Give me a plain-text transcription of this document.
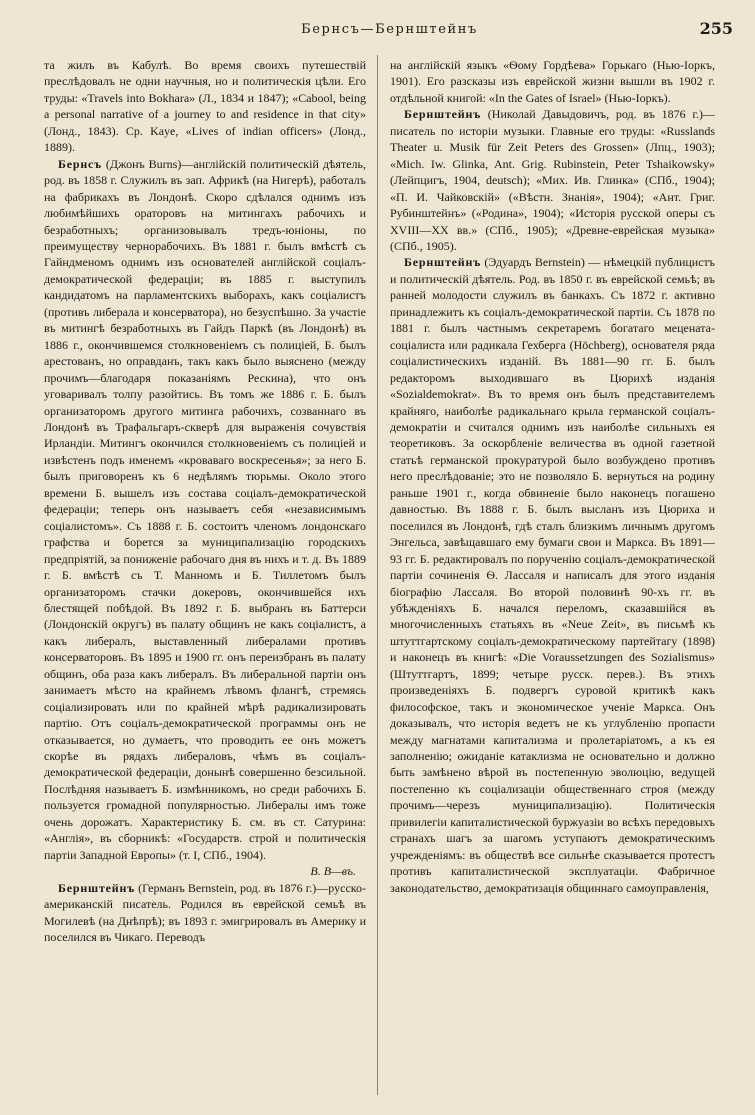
Бернсъ—Бернштейнъ	255

та жилъ въ Кабулѣ. Во время своихъ путешествій преслѣдовалъ не одни научныя, но и политическія цѣли. Его труды: «Travels into Bokhara» (Л., 1834 и 1847); «Cabool, being a personal narrative of a journey to and residence in that city» (Лонд., 1843). Ср. Kaye, «Lives of indian officers» (Лонд., 1889).

Бернсъ (Джонъ Burns)—англійскій политическій дѣятель, род. въ 1858 г. Служилъ въ зап. Африкѣ (на Нигерѣ), работалъ на фабрикахъ въ Лондонѣ. Скоро сдѣлался однимъ изъ любимѣйшихъ ораторовъ на митингахъ рабочихъ и безработныхъ; организовывалъ тредъ-юніоны, по преимуществу чернорабочихъ. Въ 1881 г. былъ вмѣстѣ съ Гайндменомъ однимъ изъ основателей англійской соціалъ-демократической федераціи; въ 1885 г. выступилъ кандидатомъ на парламентскихъ выборахъ, какъ соціалистъ (противъ либерала и консерватора), но безуспѣшно. За участіе въ митингѣ безработныхъ въ Гайдъ Паркѣ (въ Лондонѣ) въ 1886 г., окончившемся столкновеніемъ съ полиціей, Б. былъ арестованъ, но оправданъ, такъ какъ было выяснено (между прочимъ—благодаря показаніямъ Рескина), что онъ уговаривалъ толпу разойтись. Въ томъ же 1886 г. Б. былъ организаторомъ другого митинга рабочихъ, созваннаго въ Лондонѣ въ Трафальгаръ-скверѣ для выраженія сочувствія Ирландіи. Митингъ окончился столкновеніемъ съ полиціей и извѣстенъ подъ именемъ «кроваваго воскресенья»; за него Б. былъ приговоренъ къ 6 недѣлямъ тюрьмы. Около этого времени Б. вышелъ изъ состава соціалъ-демократической федераціи; теперь онъ называетъ себя «независимымъ соціалистомъ». Съ 1888 г. Б. состоитъ членомъ лондонскаго графства и борется за муниципализацію городскихъ предпріятій, за пониженіе рабочаго дня въ нихъ и т. д. Въ 1889 г. Б. вмѣстѣ съ Т. Манномъ и Б. Тиллетомъ былъ организаторомъ стачки докеровъ, окончившейся ихъ блестящей побѣдой. Въ 1892 г. Б. выбранъ въ Баттерси (Лондонскій округъ) въ палату общинъ не какъ соціалистъ, а какъ либералъ, выставленный либералами противъ консерваторовъ. Въ 1895 и 1900 гг. онъ переизбранъ въ палату общинъ, оба раза какъ либералъ. Въ либеральной партіи онъ занимаетъ мѣсто на крайнемъ лѣвомъ флангѣ, стремясь соціализировать или по крайней мѣрѣ радикализировать партію. Отъ соціалъ-демократической программы онъ не отказывается, но думаетъ, что проводить ее онъ можетъ скорѣе въ рядахъ либераловъ, чѣмъ въ соціалъ-демократической федераціи, донынѣ совершенно безсильной. Послѣдняя называетъ Б. измѣнникомъ, но среди рабочихъ Б. пользуется громадной популярностью. Либералы имъ тоже очень дорожатъ. Характеристику Б. см. въ ст. Сатурина: «Англія», въ сборникѣ: «Государств. строй и политическія партіи Западной Европы» (т. I, СПб., 1904).

В. В—въ.

Бернштейнъ (Германъ Bernstein, род. въ 1876 г.)—русско-американскій писатель. Родился въ еврейской семьѣ въ Могилевѣ (на Днѣпрѣ); въ 1893 г. эмигрировалъ въ Америку и поселился въ Чикаго. Переводъ

на англійскій языкъ «Ѳому Гордѣева» Горькаго (Нью-Іоркъ, 1901). Его разсказы изъ еврейской жизни вышли въ 1902 г. отдѣльной книгой: «In the Gates of Israel» (Нью-Іоркъ).

Бернштейнъ (Николай Давыдовичъ, род. въ 1876 г.)—писатель по исторіи музыки. Главные его труды: «Russlands Theater u. Musik für Zeit Peters des Grossen» (Лпц., 1903); «Mich. Iw. Glinka, Ant. Grig. Rubinstein, Peter Tshaikowsky» (Лейпцигъ, 1904, deutsch); «Мих. Ив. Глинка» (СПб., 1904); «П. И. Чайковскій» («Вѣстн. Знанія», 1904); «Ант. Григ. Рубинштейнъ» («Родина», 1904); «Исторія русской оперы съ XVIII—XX вв.» (СПб., 1905); «Древне-еврейская музыка» (СПб., 1905).

Бернштейнъ (Эдуардъ Bernstein) — нѣмецкій публицистъ и политическій дѣятель. Род. въ 1850 г. въ еврейской семьѣ; въ ранней молодости служилъ въ банкахъ. Съ 1872 г. активно принадлежитъ къ соціалъ-демократической партіи. Съ 1878 по 1881 г. былъ частнымъ секретаремъ богатаго мецената-соціалиста или радикала Гехберга (Höchberg), основателя ряда соціалистическихъ изданій. Въ 1881—90 гг. Б. былъ редакторомъ выходившаго въ Цюрихѣ изданія «Sozialdemokrat». Въ то время онъ былъ представителемъ крайняго, наиболѣе радикальнаго крыла германской соціалъ-демократіи и считался однимъ изъ наиболѣе сильныхъ ея теоретиковъ. За оскорбленіе величества въ одной газетной статьѣ германской прокуратурой было возбуждено противъ него преслѣдованіе; это не позволяло Б. вернуться на родину раньше 1901 г., когда обвиненіе было наконецъ погашено давностью. Въ 1888 г. Б. былъ высланъ изъ Цюриха и поселился въ Лондонѣ, гдѣ сталъ близкимъ личнымъ другомъ Энгельса, завѣщавшаго ему бумаги свои и Маркса. Въ 1891—93 гг. Б. редактировалъ по порученію соціалъ-демократической партіи сочиненія Ѳ. Лассаля и написалъ для этого изданія біографію Лассаля. Во второй половинѣ 90-хъ гг. въ убѣжденіяхъ Б. начался переломъ, сказавшійся въ многочисленныхъ статьяхъ въ «Neue Zeit», въ письмѣ къ штуттгартскому соціалъ-демократическому партейтагу (1898) и наконецъ въ книгѣ: «Die Voraussetzungen des Sozialismus» (Штуттгартъ, 1899; четыре русск. перев.). Въ этихъ произведеніяхъ Б. подвергъ суровой критикѣ какъ философское, такъ и экономическое ученіе Маркса. Онъ доказывалъ, что исторія ведетъ не къ углубленію пропасти между магнатами капитализма и пролетаріатомъ, а къ ея заполненію; ожиданіе катаклизма не основательно и должно быть замѣнено вѣрой въ постепенную эволюцію, ведущей постепенно къ соціализаціи общественнаго строя (между прочимъ—черезъ муниципализацію). Политическія привилегіи капиталистической буржуазіи во всѣхъ передовыхъ странахъ шагъ за шагомъ уступаютъ демократическимъ учрежденіямъ: въ обществѣ все сильнѣе сказывается протестъ противъ капиталистической эксплуатаціи. Фабричное законодательство, демократизація общиннаго самоуправленія,
